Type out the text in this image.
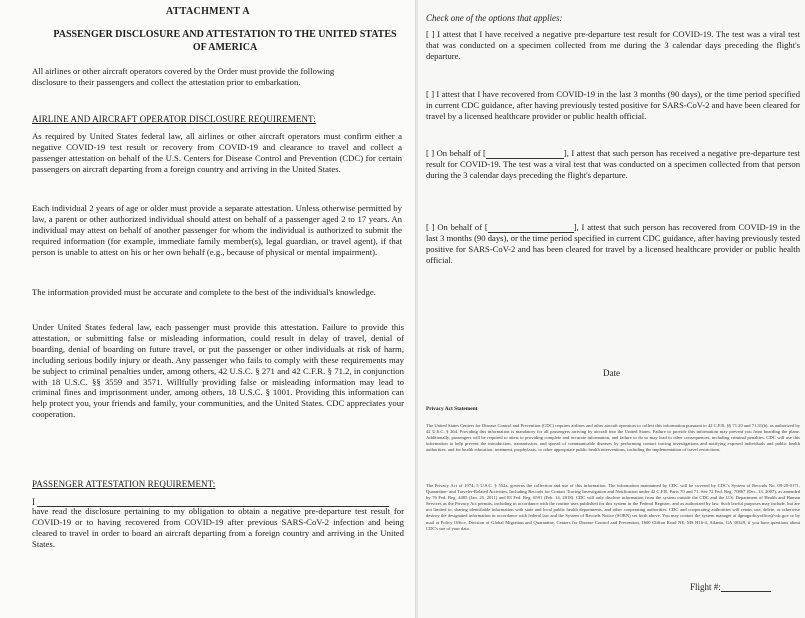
ATTACHMENT A
PASSENGER DISCLOSURE AND ATTESTATION TO THE UNITED STATES OF AMERICA

All airlines or other aircraft operators covered by the Order must provide the following disclosure to their passengers and collect the attestation prior to embarkation.

AIRLINE AND AIRCRAFT OPERATOR DISCLOSURE REQUIREMENT:

As required by United States federal law, all airlines or other aircraft operators must confirm either a negative COVID-19 test result or recovery from COVID-19 and clearance to travel and collect a passenger attestation on behalf of the U.S. Centers for Disease Control and Prevention (CDC) for certain passengers on aircraft departing from a foreign country and arriving in the United States.

Each individual 2 years of age or older must provide a separate attestation. Unless otherwise permitted by law, a parent or other authorized individual should attest on behalf of a passenger aged 2 to 17 years. An individual may attest on behalf of another passenger for whom the individual is authorized to submit the required information (for example, immediate family member(s), legal guardian, or travel agent), if that person is unable to attest on his or her own behalf (e.g., because of physical or mental impairment).

The information provided must be accurate and complete to the best of the individual's knowledge.

Under United States federal law, each passenger must provide this attestation. Failure to provide this attestation, or submitting false or misleading information, could result in delay of travel, denial of boarding, denial of boarding on future travel, or put the passenger or other individuals at risk of harm, including serious bodily injury or death. Any passenger who fails to comply with these requirements may be subject to criminal penalties under, among others, 42 U.S.C. § 271 and 42 C.F.R. § 71.2, in conjunction with 18 U.S.C. §§ 3559 and 3571. Willfully providing false or misleading information may lead to criminal fines and imprisonment under, among others, 18 U.S.C. § 1001. Providing this information can help protect you, your friends and family, your communities, and the United States. CDC appreciates your cooperation.

PASSENGER ATTESTATION REQUIREMENT:
I

have read the disclosure pertaining to my obligation to obtain a negative pre-departure test result for COVID-19 or to having recovered from COVID-19 after previous SARS-CoV-2 infection and being cleared to travel in order to board an aircraft departing from a foreign country and arriving in the United States.

Check one of the options that applies:

[ ] I attest that I have received a negative pre-departure test result for COVID-19. The test was a viral test that was conducted on a specimen collected from me during the 3 calendar days preceding the flight's departure.

[ ] I attest that I have recovered from COVID-19 in the last 3 months (90 days), or the time period specified in current CDC guidance, after having previously tested positive for SARS-CoV-2 and have been cleared for travel by a licensed healthcare provider or public health official.

[ ] On behalf of [	], I attest that such person has received a negative pre-departure test result for COVID-19. The test was a viral test that was conducted on a specimen collected from that person during the 3 calendar days preceding the flight's departure.

[ ] On behalf of [	], I attest that such person has recovered from COVID-19 in the last 3 months (90 days), or the time period specified in current CDC guidance, after having previously tested positive for SARS-CoV-2 and has been cleared for travel by a licensed healthcare provider or public health official.

Date
Privacy Act Statement

The United States Centers for Disease Control and Prevention (CDC) requires airlines and other aircraft operators to collect this information pursuant to 42 C.F.R. §§ 71.20 and 71.31(b), as authorized by 42 U.S.C. § 264. Providing this information is mandatory for all passengers arriving by aircraft into the United States. Failure to provide this information may prevent you from boarding the plane. Additionally, passengers will be required to attest to providing complete and accurate information, and failure to do so may lead to other consequences, including criminal penalties. CDC will use this information to help prevent the introduction, transmission, and spread of communicable diseases by performing contact tracing investigations and notifying exposed individuals and public health authorities; and for health education, treatment, prophylaxis, or other appropriate public health interventions, including the implementation of travel restrictions.

The Privacy Act of 1974, 5 U.S.C. § 552a, governs the collection and use of this information. The information maintained by CDC will be covered by CDC's System of Records No. 09-20-0171, Quarantine- and Traveler-Related Activities, Including Records for Contact Tracing Investigation and Notification under 42 C.F.R. Parts 70 and 71. See 72 Fed. Reg. 70867 (Dec. 13, 2007), as amended by 76 Fed. Reg. 4485 (Jan. 25, 2011) and 83 Fed. Reg. 6591 (Feb. 14, 2018). CDC will only disclose information from the system outside the CDC and the U.S. Department of Health and Human Services as the Privacy Act permits, including in accordance with the routine uses published for this system in the Federal Register, and as authorized by law. Such lawful purposes may include, but are not limited to, sharing identifiable information with state and local public health departments, and other cooperating authorities. CDC and cooperating authorities will retain, use, delete, or otherwise destroy the designated information in accordance with federal law and the System of Records Notice (SORN) set forth above. You may contact the system manager at dgmqpolicyoffice@cdc.gov or by mail at Policy Office, Division of Global Migration and Quarantine, Centers for Disease Control and Prevention, 1600 Clifton Road NE, MS H16-4, Atlanta, GA 30329, if you have questions about CDC's use of your data.

Flight #:
